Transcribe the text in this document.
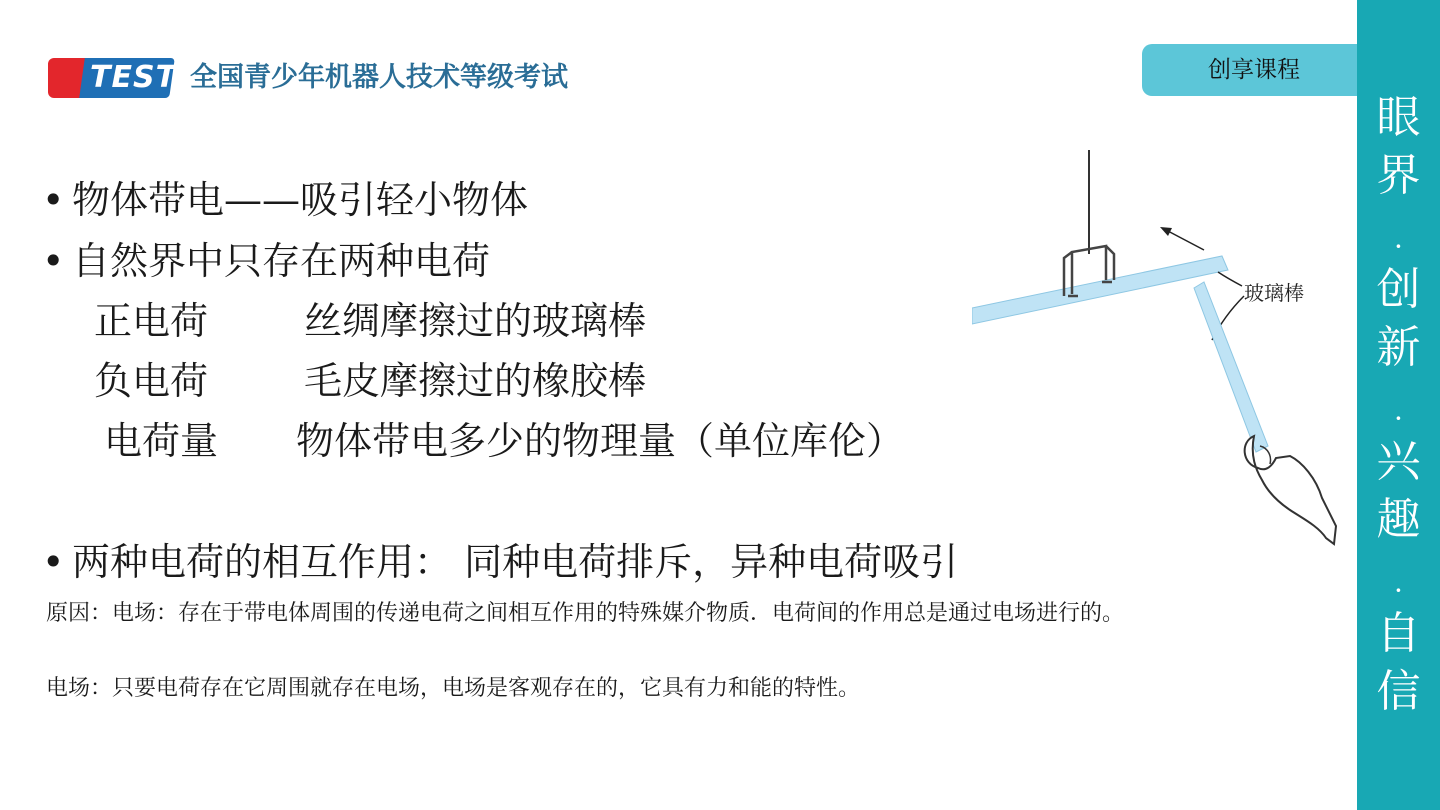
TEST 全国青少年机器人技术等级考试	创享课程
眼
界
·
创
新
·
兴
趣
·
自
信
• 物体带电——吸引轻小物体
• 自然界中只存在两种电荷
正电荷	丝绸摩擦过的玻璃棒
负电荷	毛皮摩擦过的橡胶棒
电荷量 物体带电多少的物理量（单位库伦）
• 两种电荷的相互作用： 同种电荷排斥，异种电荷吸引
原因：电场：存在于带电体周围的传递电荷之间相互作用的特殊媒介物质．电荷间的作用总是通过电场进行的。
电场：只要电荷存在它周围就存在电场，电场是客观存在的，它具有力和能的特性。
玻璃棒
